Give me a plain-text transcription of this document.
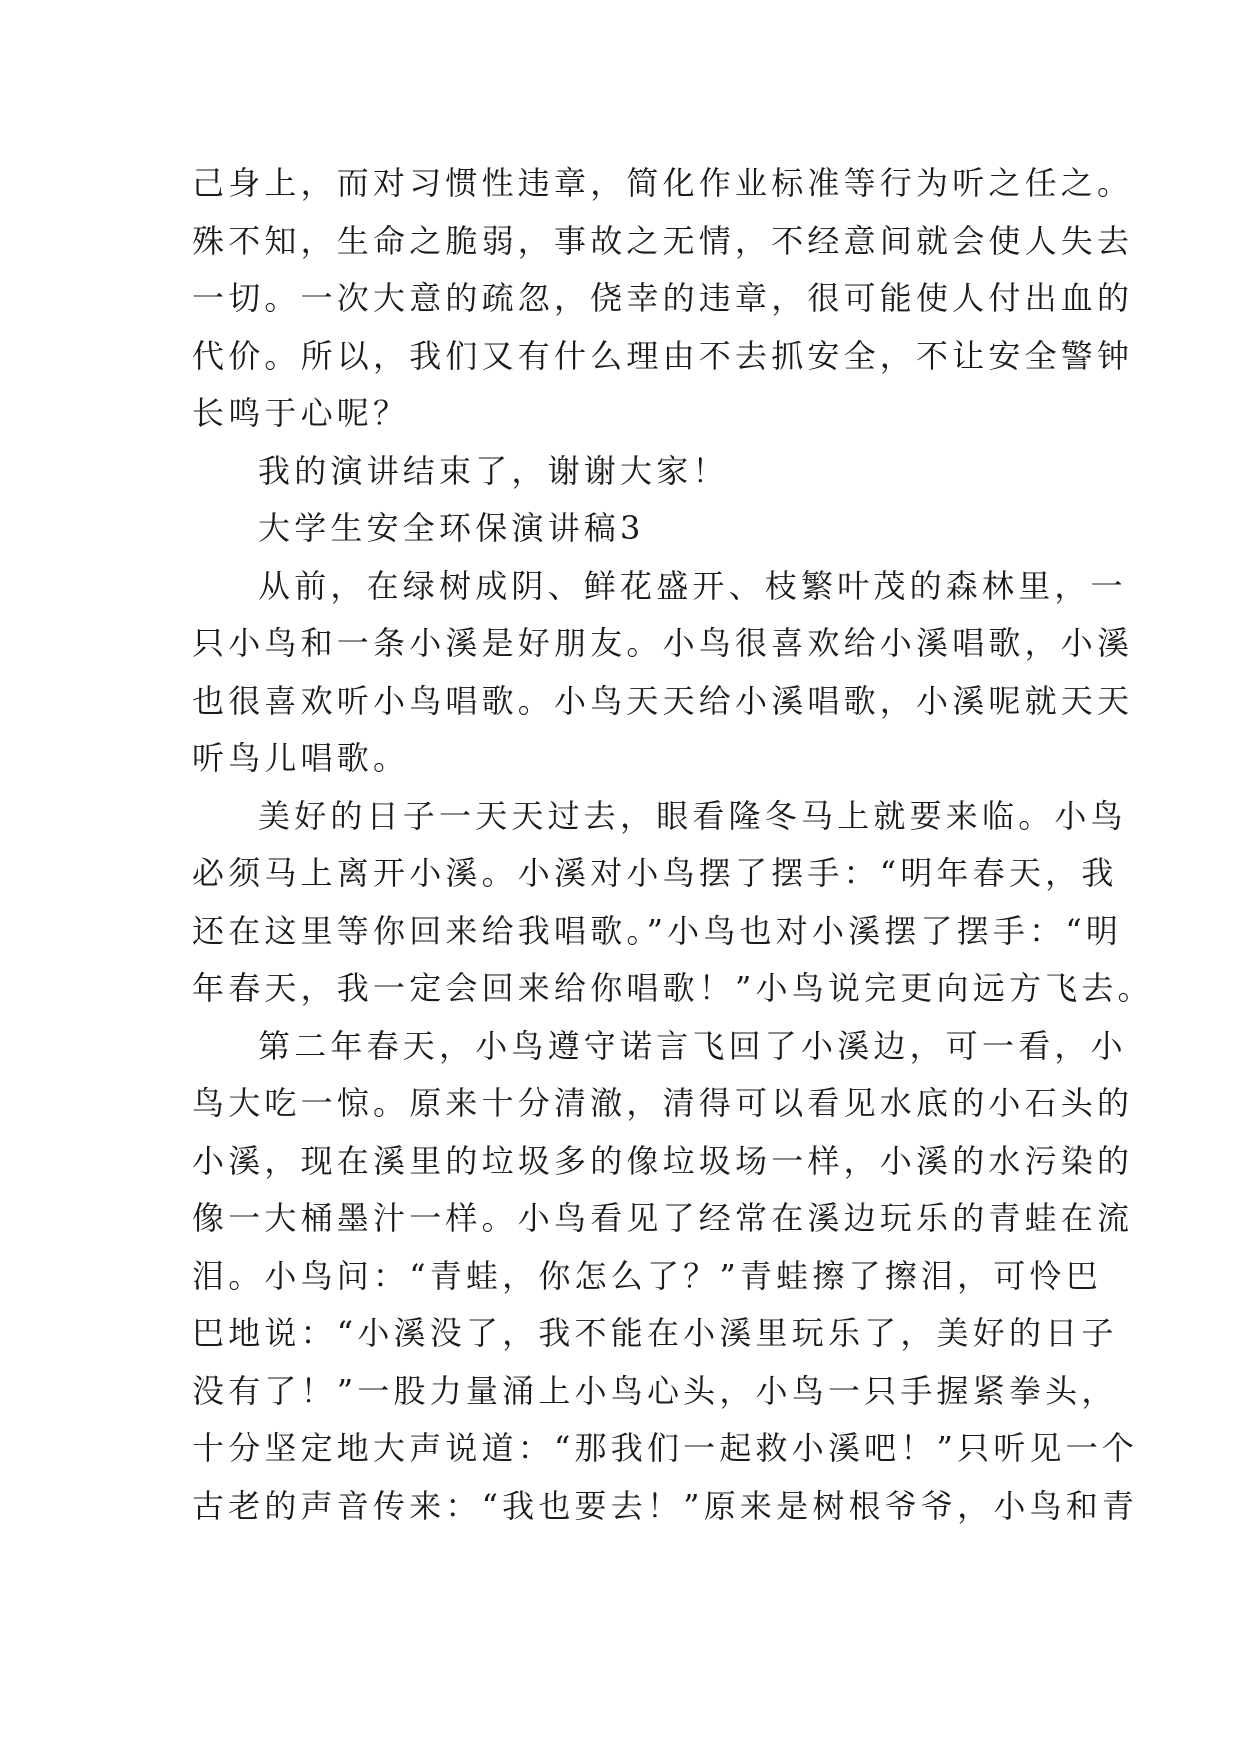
己身上，而对习惯性违章，简化作业标准等行为听之任之。
殊不知，生命之脆弱，事故之无情，不经意间就会使人失去
一切。一次大意的疏忽，侥幸的违章，很可能使人付出血的
代价。所以，我们又有什么理由不去抓安全，不让安全警钟
长鸣于心呢？
我的演讲结束了，谢谢大家！
大学生安全环保演讲稿3
从前，在绿树成阴、鲜花盛开、枝繁叶茂的森林里，一
只小鸟和一条小溪是好朋友。小鸟很喜欢给小溪唱歌，小溪
也很喜欢听小鸟唱歌。小鸟天天给小溪唱歌，小溪呢就天天
听鸟儿唱歌。
美好的日子一天天过去，眼看隆冬马上就要来临。小鸟
必须马上离开小溪。小溪对小鸟摆了摆手：“明年春天，我
还在这里等你回来给我唱歌。”小鸟也对小溪摆了摆手：“明
年春天，我一定会回来给你唱歌！”小鸟说完更向远方飞去。
第二年春天，小鸟遵守诺言飞回了小溪边，可一看，小
鸟大吃一惊。原来十分清澈，清得可以看见水底的小石头的
小溪，现在溪里的垃圾多的像垃圾场一样，小溪的水污染的
像一大桶墨汁一样。小鸟看见了经常在溪边玩乐的青蛙在流
泪。小鸟问：“青蛙，你怎么了？”青蛙擦了擦泪，可怜巴
巴地说：“小溪没了，我不能在小溪里玩乐了，美好的日子
没有了！”一股力量涌上小鸟心头，小鸟一只手握紧拳头，
十分坚定地大声说道：“那我们一起救小溪吧！”只听见一个
古老的声音传来：“我也要去！”原来是树根爷爷，小鸟和青
